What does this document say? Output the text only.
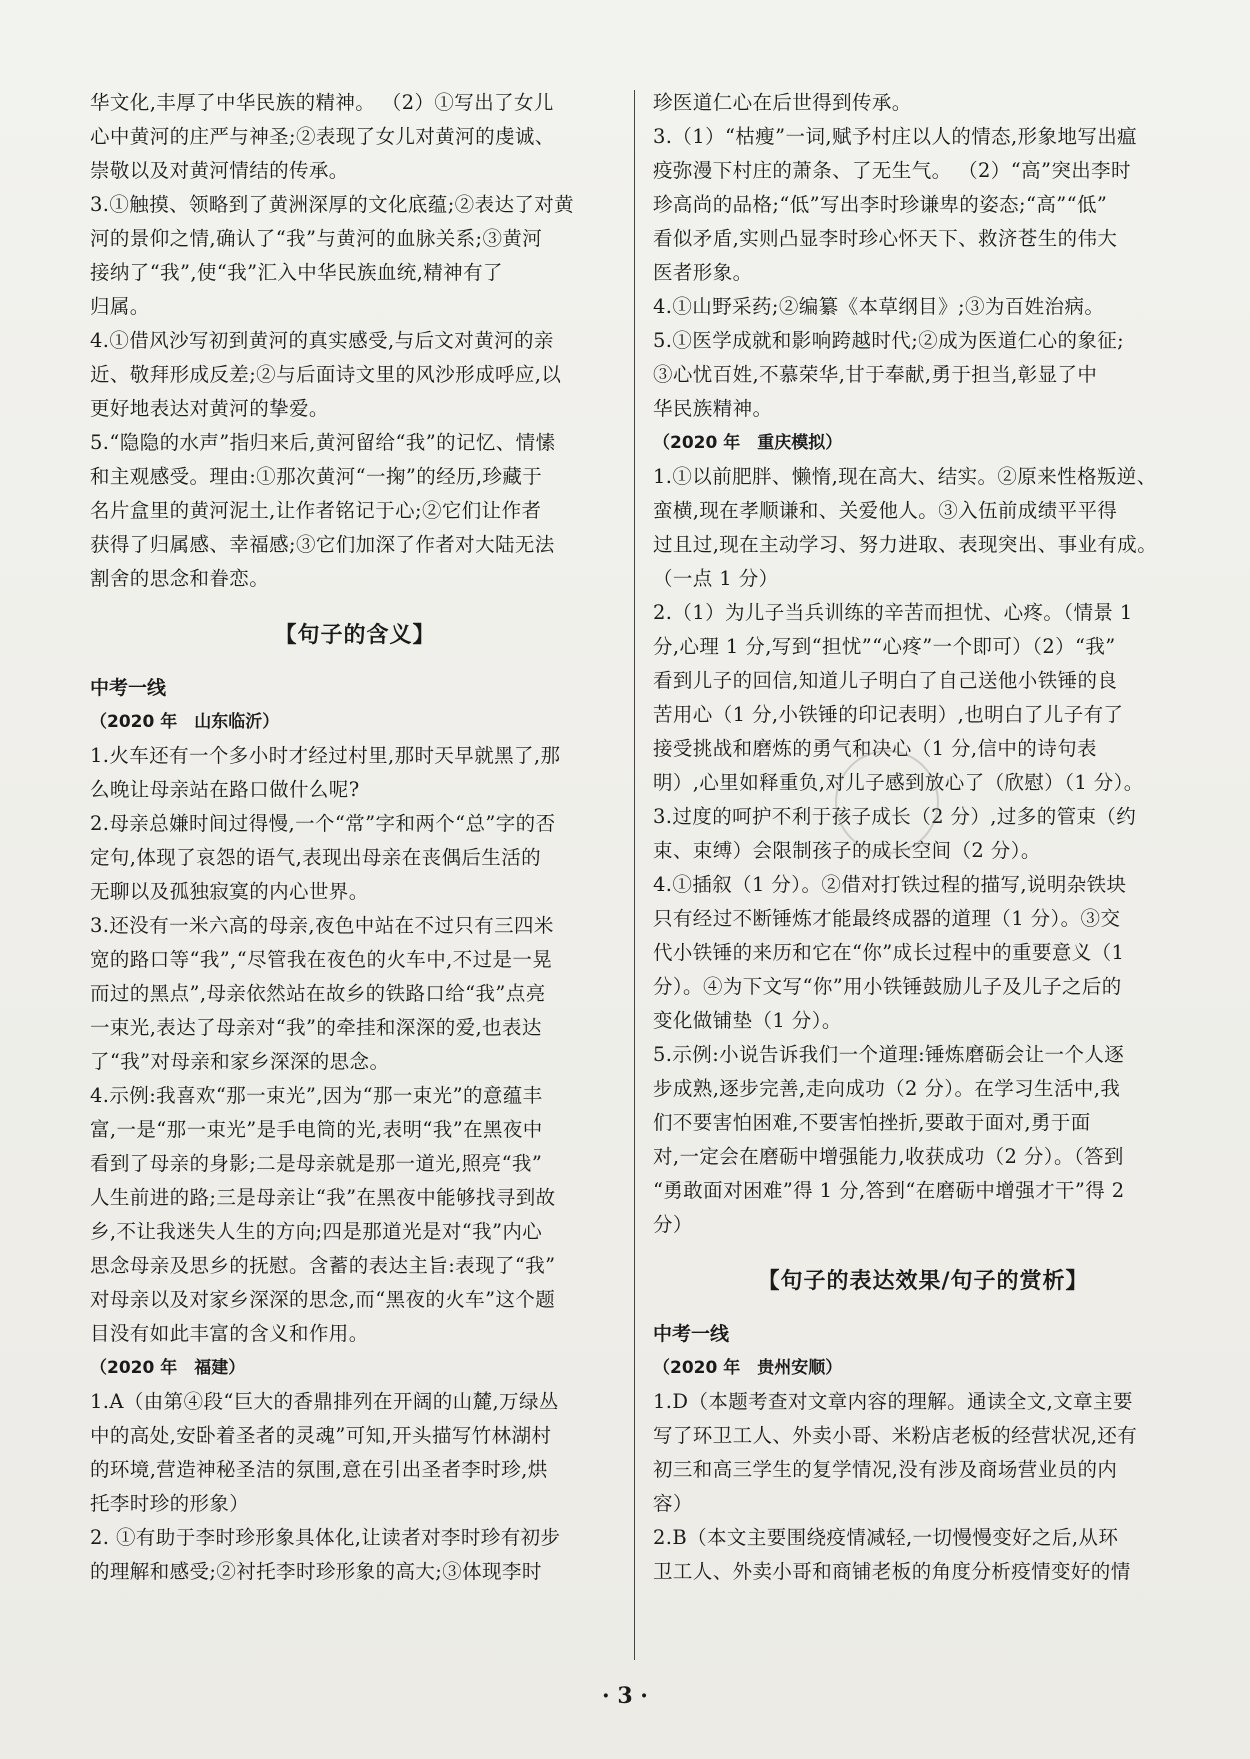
华文化,丰厚了中华民族的精神。 （2）①写出了女儿

心中黄河的庄严与神圣;②表现了女儿对黄河的虔诚、

崇敬以及对黄河情结的传承。

3.①触摸、领略到了黄洲深厚的文化底蕴;②表达了对黄

河的景仰之情,确认了“我”与黄河的血脉关系;③黄河

接纳了“我”,使“我”汇入中华民族血统,精神有了

归属。

4.①借风沙写初到黄河的真实感受,与后文对黄河的亲

近、敬拜形成反差;②与后面诗文里的风沙形成呼应,以

更好地表达对黄河的挚爱。

5.“隐隐的水声”指归来后,黄河留给“我”的记忆、情愫

和主观感受。理由:①那次黄河“一掬”的经历,珍藏于

名片盒里的黄河泥土,让作者铭记于心;②它们让作者

获得了归属感、幸福感;③它们加深了作者对大陆无法

割舍的思念和眷恋。

【句子的含义】

中考一线

（2020 年　山东临沂）

1.火车还有一个多小时才经过村里,那时天早就黑了,那

么晚让母亲站在路口做什么呢?

2.母亲总嫌时间过得慢,一个“常”字和两个“总”字的否

定句,体现了哀怨的语气,表现出母亲在丧偶后生活的

无聊以及孤独寂寞的内心世界。

3.还没有一米六高的母亲,夜色中站在不过只有三四米

宽的路口等“我”,“尽管我在夜色的火车中,不过是一晃

而过的黑点”,母亲依然站在故乡的铁路口给“我”点亮

一束光,表达了母亲对“我”的牵挂和深深的爱,也表达

了“我”对母亲和家乡深深的思念。

4.示例:我喜欢“那一束光”,因为“那一束光”的意蕴丰

富,一是“那一束光”是手电筒的光,表明“我”在黑夜中

看到了母亲的身影;二是母亲就是那一道光,照亮“我”

人生前进的路;三是母亲让“我”在黑夜中能够找寻到故

乡,不让我迷失人生的方向;四是那道光是对“我”内心

思念母亲及思乡的抚慰。含蓄的表达主旨:表现了“我”

对母亲以及对家乡深深的思念,而“黑夜的火车”这个题

目没有如此丰富的含义和作用。

（2020 年　福建）

1.A（由第④段“巨大的香鼎排列在开阔的山麓,万绿丛

中的高处,安卧着圣者的灵魂”可知,开头描写竹林湖村

的环境,营造神秘圣洁的氛围,意在引出圣者李时珍,烘

托李时珍的形象）

2. ①有助于李时珍形象具体化,让读者对李时珍有初步

的理解和感受;②衬托李时珍形象的高大;③体现李时

珍医道仁心在后世得到传承。

3.（1）“枯瘦”一词,赋予村庄以人的情态,形象地写出瘟

疫弥漫下村庄的萧条、了无生气。 （2）“高”突出李时

珍高尚的品格;“低”写出李时珍谦卑的姿态;“高”“低”

看似矛盾,实则凸显李时珍心怀天下、救济苍生的伟大

医者形象。

4.①山野采药;②编纂《本草纲目》;③为百姓治病。

5.①医学成就和影响跨越时代;②成为医道仁心的象征;

③心忧百姓,不慕荣华,甘于奉献,勇于担当,彰显了中

华民族精神。

（2020 年　重庆模拟）

1.①以前肥胖、懒惰,现在高大、结实。②原来性格叛逆、

蛮横,现在孝顺谦和、关爱他人。③入伍前成绩平平得

过且过,现在主动学习、努力进取、表现突出、事业有成。

（一点 1 分）

2.（1）为儿子当兵训练的辛苦而担忧、心疼。（情景 1

分,心理 1 分,写到“担忧”“心疼”一个即可）（2）“我”

看到儿子的回信,知道儿子明白了自己送他小铁锤的良

苦用心（1 分,小铁锤的印记表明）,也明白了儿子有了

接受挑战和磨炼的勇气和决心（1 分,信中的诗句表

明）,心里如释重负,对儿子感到放心了（欣慰）（1 分）。

3.过度的呵护不利于孩子成长（2 分）,过多的管束（约

束、束缚）会限制孩子的成长空间（2 分）。

4.①插叙（1 分）。②借对打铁过程的描写,说明杂铁块

只有经过不断锤炼才能最终成器的道理（1 分）。③交

代小铁锤的来历和它在“你”成长过程中的重要意义（1

分）。④为下文写“你”用小铁锤鼓励儿子及儿子之后的

变化做铺垫（1 分）。

5.示例:小说告诉我们一个道理:锤炼磨砺会让一个人逐

步成熟,逐步完善,走向成功（2 分）。在学习生活中,我

们不要害怕困难,不要害怕挫折,要敢于面对,勇于面

对,一定会在磨砺中增强能力,收获成功（2 分）。（答到

“勇敢面对困难”得 1 分,答到“在磨砺中增强才干”得 2

分）

【句子的表达效果/句子的赏析】

中考一线

（2020 年　贵州安顺）

1.D（本题考查对文章内容的理解。通读全文,文章主要

写了环卫工人、外卖小哥、米粉店老板的经营状况,还有

初三和高三学生的复学情况,没有涉及商场营业员的内

容）

2.B（本文主要围绕疫情减轻,一切慢慢变好之后,从环

卫工人、外卖小哥和商铺老板的角度分析疫情变好的情

· 3 ·
